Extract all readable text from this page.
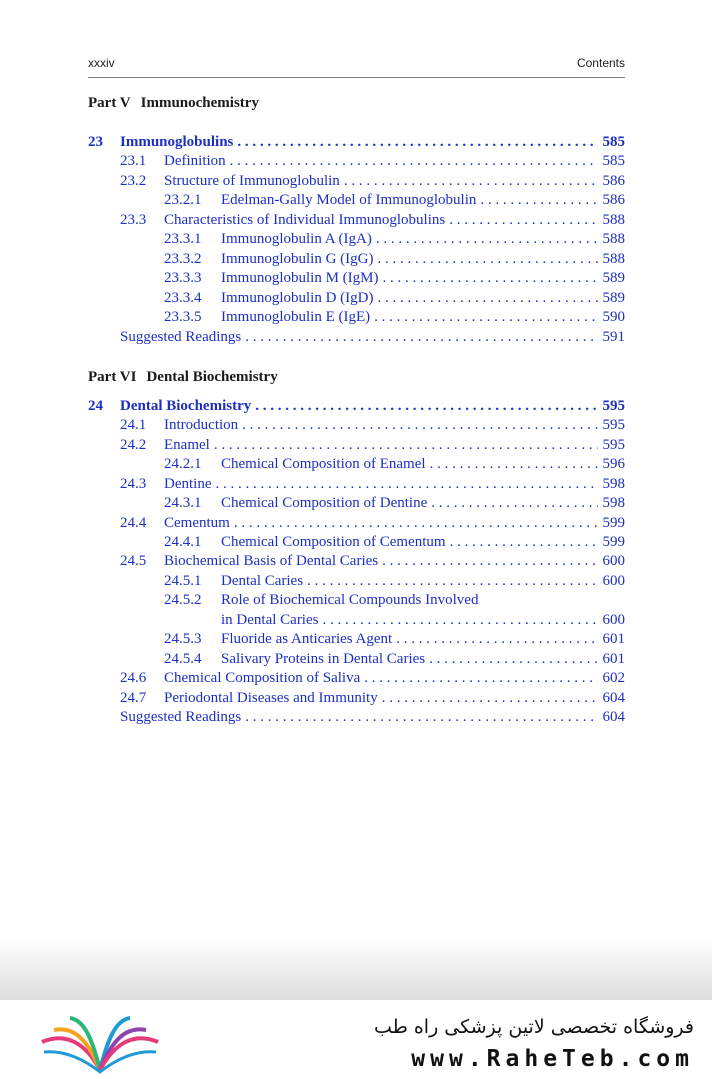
xxxiv	Contents
Part V Immunochemistry
23	Immunoglobulins . . .	585
23.1	Definition . . .	585
23.2	Structure of Immunoglobulin . . .	586
23.2.1	Edelman-Gally Model of Immunoglobulin . . .	586
23.3	Characteristics of Individual Immunoglobulins . . .	588
23.3.1	Immunoglobulin A (IgA) . . .	588
23.3.2	Immunoglobulin G (IgG) . . .	588
23.3.3	Immunoglobulin M (IgM) . . .	589
23.3.4	Immunoglobulin D (IgD) . . .	589
23.3.5	Immunoglobulin E (IgE) . . .	590
Suggested Readings . . .	591
Part VI Dental Biochemistry
24	Dental Biochemistry . . .	595
24.1	Introduction . . .	595
24.2	Enamel . . .	595
24.2.1	Chemical Composition of Enamel . . .	596
24.3	Dentine . . .	598
24.3.1	Chemical Composition of Dentine . . .	598
24.4	Cementum . . .	599
24.4.1	Chemical Composition of Cementum . . .	599
24.5	Biochemical Basis of Dental Caries . . .	600
24.5.1	Dental Caries . . .	600
24.5.2	Role of Biochemical Compounds Involved
in Dental Caries . . .	600
24.5.3	Fluoride as Anticaries Agent . . .	601
24.5.4	Salivary Proteins in Dental Caries . . .	601
24.6	Chemical Composition of Saliva . . .	602
24.7	Periodontal Diseases and Immunity . . .	604
Suggested Readings . . .	604
فروشگاه تخصصی لاتین پزشکی راه طب
www.RaheTeb.com
